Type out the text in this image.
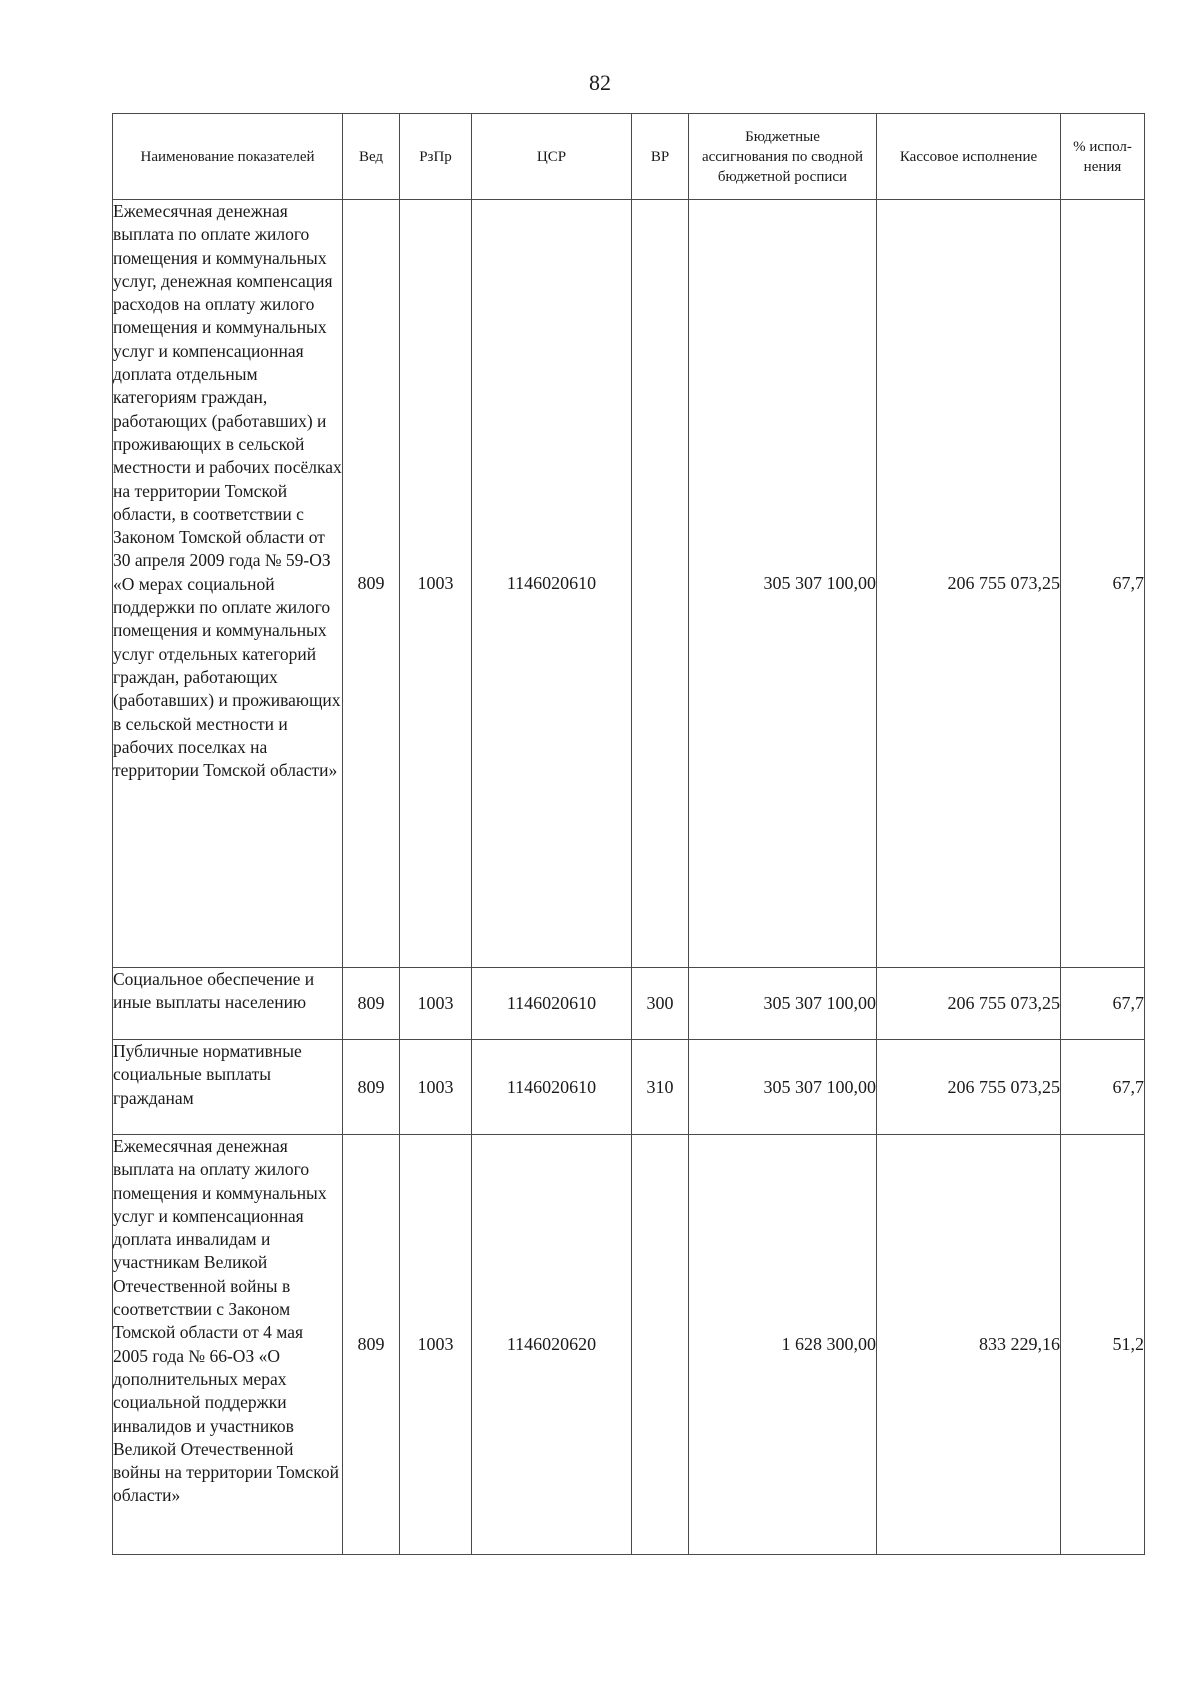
82
Наименование показателей	Вед	РзПр	ЦСР	ВР	Бюджетные ассигнования по сводной бюджетной росписи	Кассовое исполнение	% испол-нения
Ежемесячная денежная выплата по оплате жилого помещения и коммунальных услуг, денежная компенсация расходов на оплату жилого помещения и коммунальных услуг и компенсационная доплата отдельным категориям граждан, работающих (работавших) и проживающих в сельской местности и рабочих посёлках на территории Томской области, в соответствии с Законом Томской области от 30 апреля 2009 года № 59-ОЗ «О мерах социальной поддержки по оплате жилого помещения и коммунальных услуг отдельных категорий граждан, работающих (работавших) и проживающих в сельской местности и рабочих поселках на территории Томской области»	809	1003	1146020610		305 307 100,00	206 755 073,25	67,7
Социальное обеспечение и иные выплаты населению	809	1003	1146020610	300	305 307 100,00	206 755 073,25	67,7
Публичные нормативные социальные выплаты гражданам	809	1003	1146020610	310	305 307 100,00	206 755 073,25	67,7
Ежемесячная денежная выплата на оплату жилого помещения и коммунальных услуг и компенсационная доплата инвалидам и участникам Великой Отечественной войны в соответствии с Законом Томской области от 4 мая 2005 года № 66-ОЗ «О дополнительных мерах социальной поддержки инвалидов и участников Великой Отечественной войны на территории Томской области»	809	1003	1146020620		1 628 300,00	833 229,16	51,2
